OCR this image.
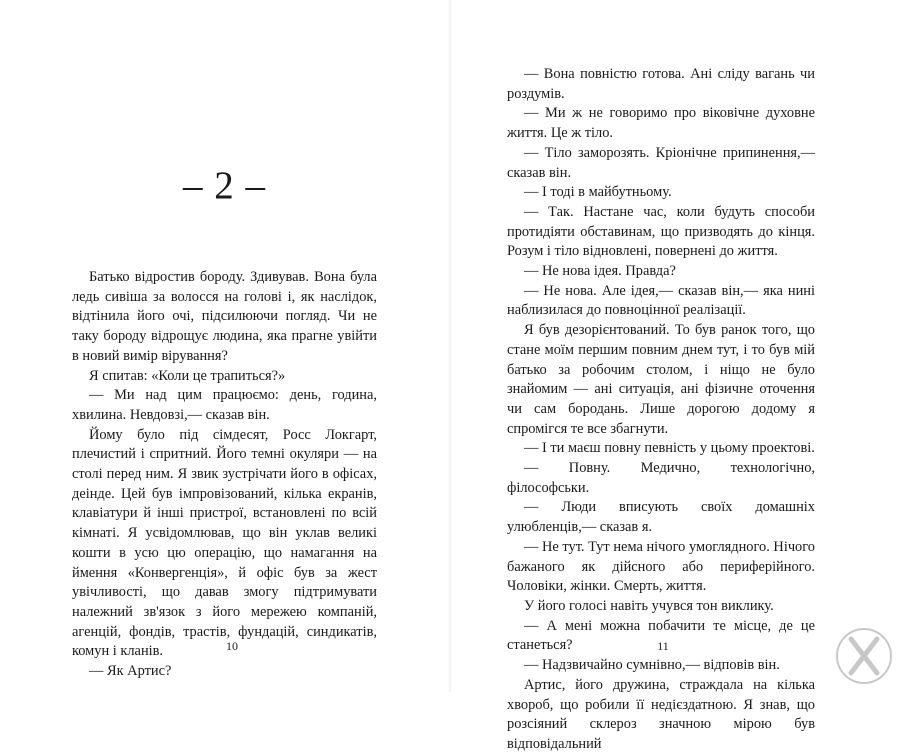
– 2 –

Батько відростив бороду. Здивував. Вона була ледь сивіша за волосся на голові і, як наслідок, відтінила його очі, підсилюючи погляд. Чи не таку бороду відрощує людина, яка прагне увійти в новий вимір вірування?

Я спитав: «Коли це трапиться?»

— Ми над цим працюємо: день, година, хвилина. Невдовзі,— сказав він.

Йому було під сімдесят, Росс Локгарт, плечистий і спритний. Його темні окуляри — на столі перед ним. Я звик зустрічати його в офісах, деінде. Цей був імпровізований, кілька екранів, клавіатури й інші пристрої, встановлені по всій кімнаті. Я усвідомлював, що він уклав великі кошти в усю цю операцію, що намагання на ймення «Конвергенція», й офіс був за жест увічливості, що давав змогу підтримувати належний зв'язок з його мережею компаній, агенцій, фондів, трастів, фундацій, синдикатів, комун і кланів.

— Як Артис?

10

— Вона повністю готова. Ані сліду вагань чи роздумів.

— Ми ж не говоримо про віковічне духовне життя. Це ж тіло.

— Тіло заморозять. Кріонічне припинення,— сказав він.

— І тоді в майбутньому.

— Так. Настане час, коли будуть способи протидіяти обставинам, що призводять до кінця. Розум і тіло відновлені, повернені до життя.

— Не нова ідея. Правда?

— Не нова. Але ідея,— сказав він,— яка нині наблизилася до повноцінної реалізації.

Я був дезорієнтований. То був ранок того, що стане моїм першим повним днем тут, і то був мій батько за робочим столом, і ніщо не було знайомим — ані ситуація, ані фізичне оточення чи сам бородань. Лише дорогою додому я спромігся те все збагнути.

— І ти маєш повну певність у цьому проектові.

— Повну. Медично, технологічно, філософськи.

— Люди вписують своїх домашніх улюбленців,— сказав я.

— Не тут. Тут нема нічого умоглядного. Нічого бажаного як дійсного або периферійного. Чоловіки, жінки. Смерть, життя.

У його голосі навіть учувся тон виклику.

— А мені можна побачити те місце, де це станеться?

— Надзвичайно сумнівно,— відповів він.

Артис, його дружина, страждала на кілька хвороб, що робили її недієздатною. Я знав, що розсіяний склероз значною мірою був відповідальний

11
